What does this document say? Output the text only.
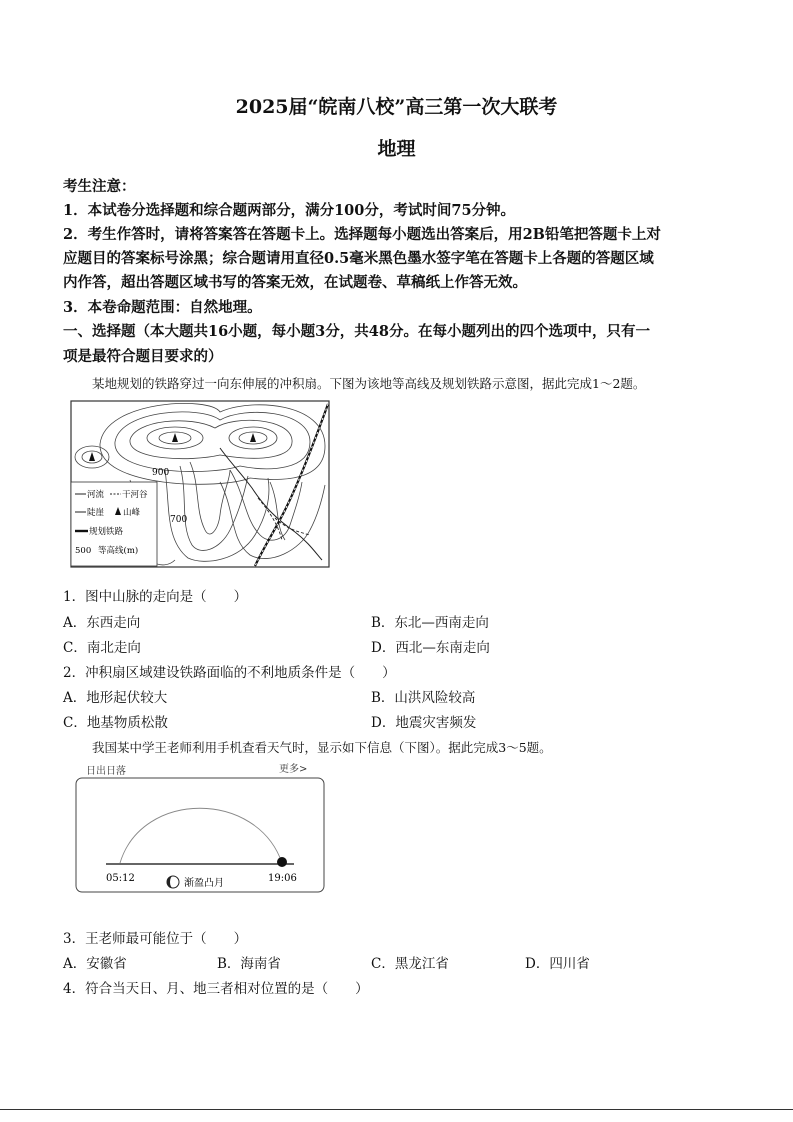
2025届“皖南八校”高三第一次大联考
地理
考生注意：
1．本试卷分选择题和综合题两部分，满分100分，考试时间75分钟。
2．考生作答时，请将答案答在答题卡上。选择题每小题选出答案后，用2B铅笔把答题卡上对
应题目的答案标号涂黑；综合题请用直径0.5毫米黑色墨水签字笔在答题卡上各题的答题区域
内作答，超出答题区域书写的答案无效，在试题卷、草稿纸上作答无效。
3．本卷命题范围：自然地理。
一、选择题（本大题共16小题，每小题3分，共48分。在每小题列出的四个选项中，只有一
项是最符合题目要求的）
某地规划的铁路穿过一向东伸展的冲积扇。下图为该地等高线及规划铁路示意图，据此完成1～2题。
900
700
河流 干河谷
陡崖 山峰
规划铁路
500 等高线(m)
1．图中山脉的走向是（　　）
A．东西走向	B．东北—西南走向
C．南北走向	D．西北—东南走向
2．冲积扇区域建设铁路面临的不利地质条件是（　　）
A．地形起伏较大	B．山洪风险较高
C．地基物质松散	D．地震灾害频发
我国某中学王老师利用手机查看天气时，显示如下信息（下图）。据此完成3～5题。
日出日落	更多>
05:12	19:06
渐盈凸月
3．王老师最可能位于（　　）
A．安徽省	B．海南省	C．黑龙江省	D．四川省
4．符合当天日、月、地三者相对位置的是（　　）
